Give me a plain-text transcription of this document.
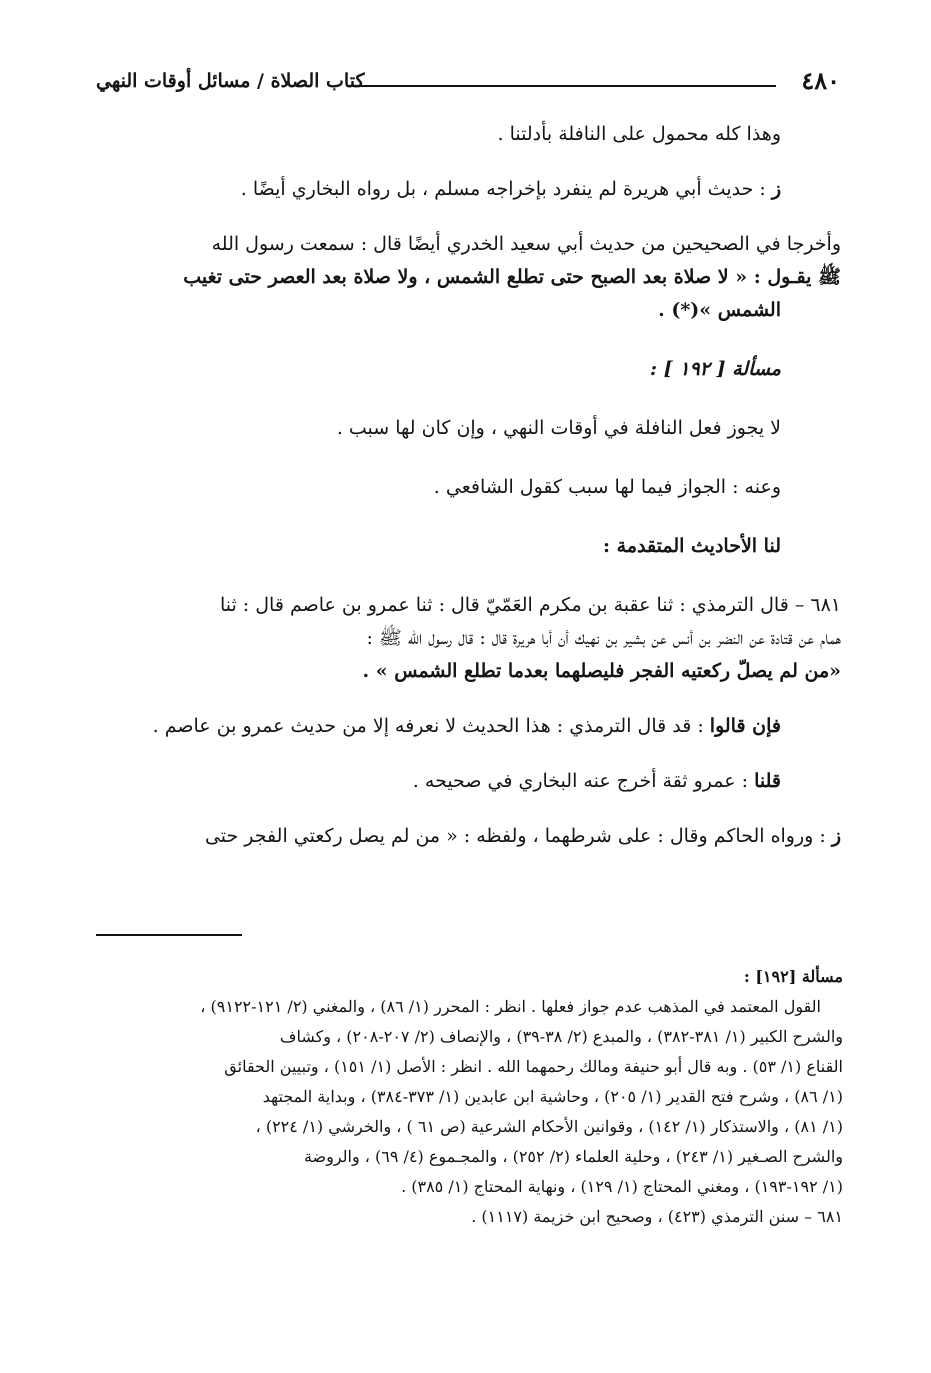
٤٨٠
كتاب الصلاة / مسائل أوقات النهي

وهذا كله محمول على النافلة بأدلتنا .

ز : حديث أبي هريرة لم ينفرد بإخراجه مسلم ، بل رواه البخاري أيضًا .

وأخرجا في الصحيحين من حديث أبي سعيد الخدري أيضًا قال : سمعت رسول الله

ﷺ يقـول : « لا صلاة بعد الصبح حتى تطلع الشمس ، ولا صلاة بعد العصر حتى تغيب

الشمس »(*) .

مسألة [ ١٩٢ ] :

لا يجوز فعل النافلة في أوقات النهي ، وإن كان لها سبب .

وعنه : الجواز فيما لها سبب كقول الشافعي .

لنا الأحاديث المتقدمة :

٦٨١ – قال الترمذي : ثنا عقبة بن مكرم العَمّيّ قال : ثنا عمرو بن عاصم قال : ثنا

همام عن قتادة عن النضر بن أنس عن بشير بن نهيك أن أبا هريرة قال : قال رسول الله ﷺ :

«من لم يصلّ ركعتيه الفجر فليصلهما بعدما تطلع الشمس » .

فإن قالوا : قد قال الترمذي : هذا الحديث لا نعرفه إلا من حديث عمرو بن عاصم .

قلنا : عمرو ثقة أخرج عنه البخاري في صحيحه .

ز : ورواه الحاكم وقال : على شرطهما ، ولفظه : « من لم يصل ركعتي الفجر حتى

مسألة [١٩٢] :

القول المعتمد في المذهب عدم جواز فعلها . انظر : المحرر (١/ ٨٦) ، والمغني (٢/ ١٢١-٩١٢٢) ،

والشرح الكبير (١/ ٣٨١-٣٨٢) ، والمبدع (٢/ ٣٨-٣٩) ، والإنصاف (٢/ ٢٠٧-٢٠٨) ، وكشاف

القناع (١/ ٥٣) . وبه قال أبو حنيفة ومالك رحمهما الله . انظر : الأصل (١/ ١٥١) ، وتبيين الحقائق

(١/ ٨٦) ، وشرح فتح القدير (١/ ٢٠٥) ، وحاشية ابن عابدين (١/ ٣٧٣-٣٨٤) ، وبداية المجتهد

(١/ ٨١) ، والاستذكار (١/ ١٤٢) ، وقوانين الأحكام الشرعية (ص ٦١ ) ، والخرشي (١/ ٢٢٤) ،

والشرح الصـغير (١/ ٢٤٣) ، وحلية العلماء (٢/ ٢٥٢) ، والمجـموع (٤/ ٦٩) ، والروضة

(١/ ١٩٢-١٩٣) ، ومغني المحتاج (١/ ١٢٩) ، ونهاية المحتاج (١/ ٣٨٥) .

٦٨١ – سنن الترمذي (٤٢٣) ، وصحيح ابن خزيمة (١١١٧) .
